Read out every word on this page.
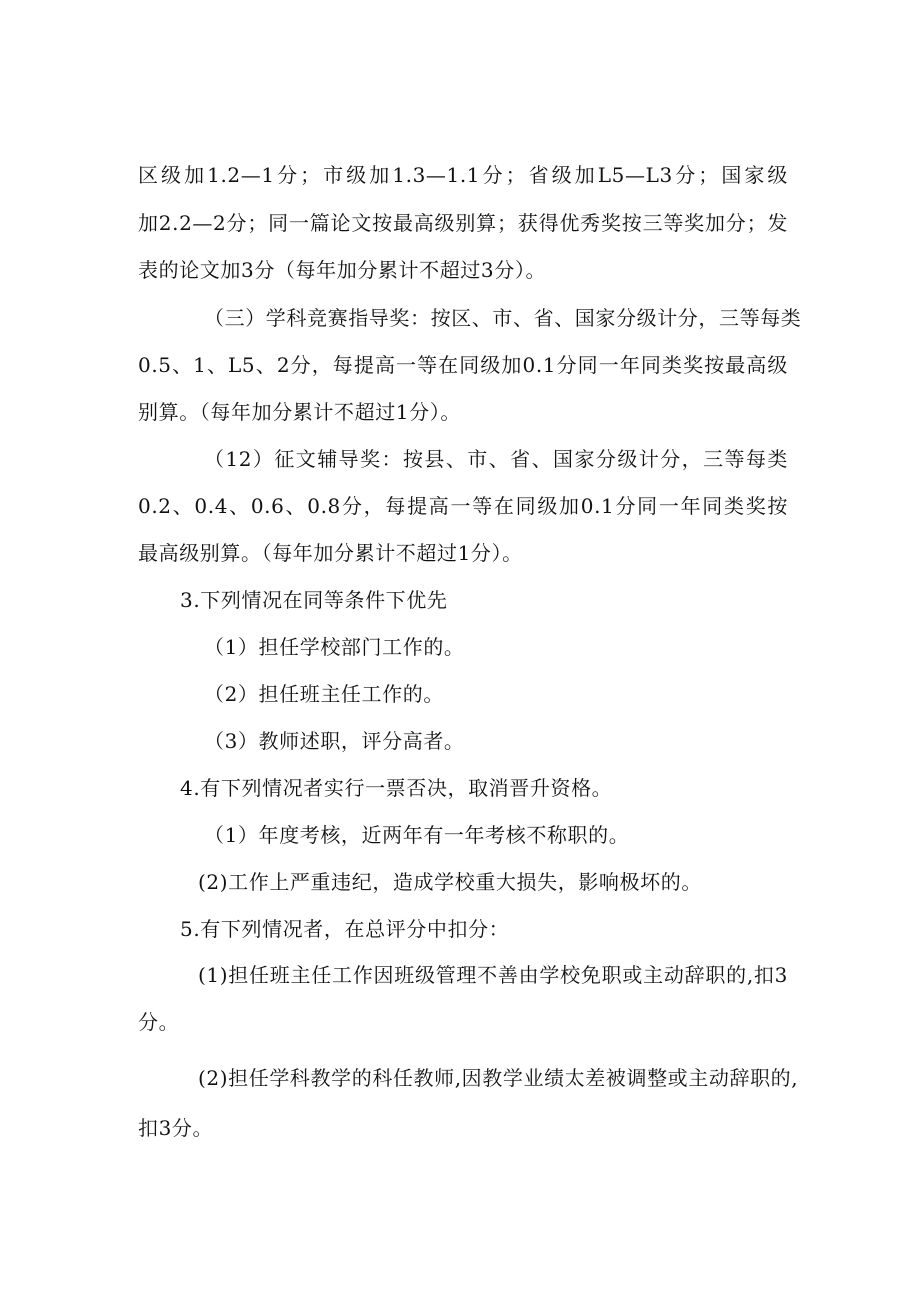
区级加1.2—1分；市级加1.3—1.1分；省级加L5—L3分；国家级
加2.2—2分；同一篇论文按最高级别算；获得优秀奖按三等奖加分；发
表的论文加3分（每年加分累计不超过3分）。
（三）学科竞赛指导奖：按区、市、省、国家分级计分，三等每类
0.5、1、L5、2分，每提高一等在同级加0.1分同一年同类奖按最高级
别算。（每年加分累计不超过1分）。
（12）征文辅导奖：按县、市、省、国家分级计分，三等每类
0.2、0.4、0.6、0.8分，每提高一等在同级加0.1分同一年同类奖按
最高级别算。（每年加分累计不超过1分）。
3.下列情况在同等条件下优先
（1）担任学校部门工作的。
（2）担任班主任工作的。
（3）教师述职，评分高者。
4.有下列情况者实行一票否决，取消晋升资格。
（1）年度考核，近两年有一年考核不称职的。
(2)工作上严重违纪，造成学校重大损失，影响极坏的。
5.有下列情况者，在总评分中扣分：
(1)担任班主任工作因班级管理不善由学校免职或主动辞职的,扣3
分。
(2)担任学科教学的科任教师,因教学业绩太差被调整或主动辞职的,
扣3分。
